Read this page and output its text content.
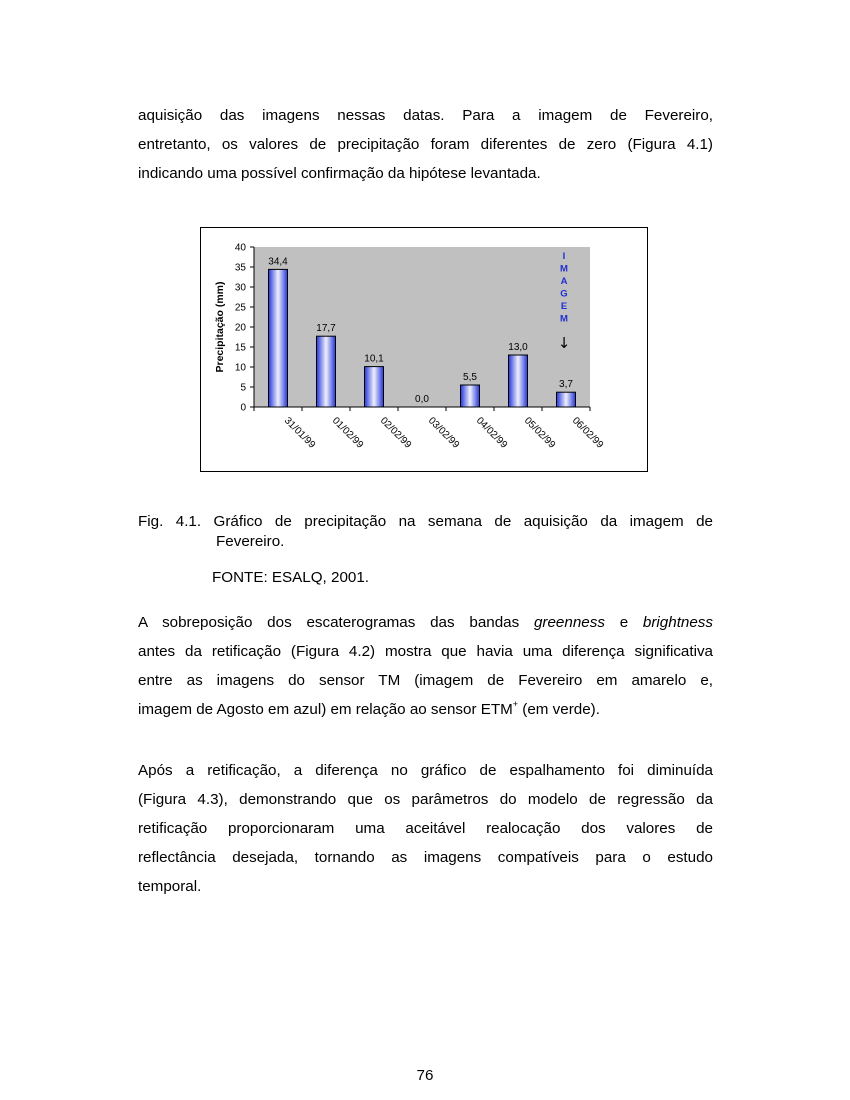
aquisição das imagens nessas datas. Para a imagem de Fevereiro,
entretanto, os valores de precipitação foram diferentes de zero (Figura 4.1)
indicando uma possível confirmação da hipótese levantada.
0
5
10
15
20
25
30
35
40
Precipitação (mm)
34,4
31/01/99
17,7
01/02/99
10,1
02/02/99
0,0
03/02/99
5,5
04/02/99
13,0
05/02/99
3,7
06/02/99
I
M
A
G
E
M
↓

Fig. 4.1. Gráfico de precipitação na semana de aquisição da imagem de

Fevereiro.

FONTE: ESALQ, 2001.

A sobreposição dos escaterogramas das bandas greenness e brightness
antes da retificação (Figura 4.2) mostra que havia uma diferença significativa
entre as imagens do sensor TM (imagem de Fevereiro em amarelo e,
imagem de Agosto em azul) em relação ao sensor ETM+ (em verde).
Após a retificação, a diferença no gráfico de espalhamento foi diminuída
(Figura 4.3), demonstrando que os parâmetros do modelo de regressão da
retificação proporcionaram uma aceitável realocação dos valores de
reflectância desejada, tornando as imagens compatíveis para o estudo
temporal.
76
